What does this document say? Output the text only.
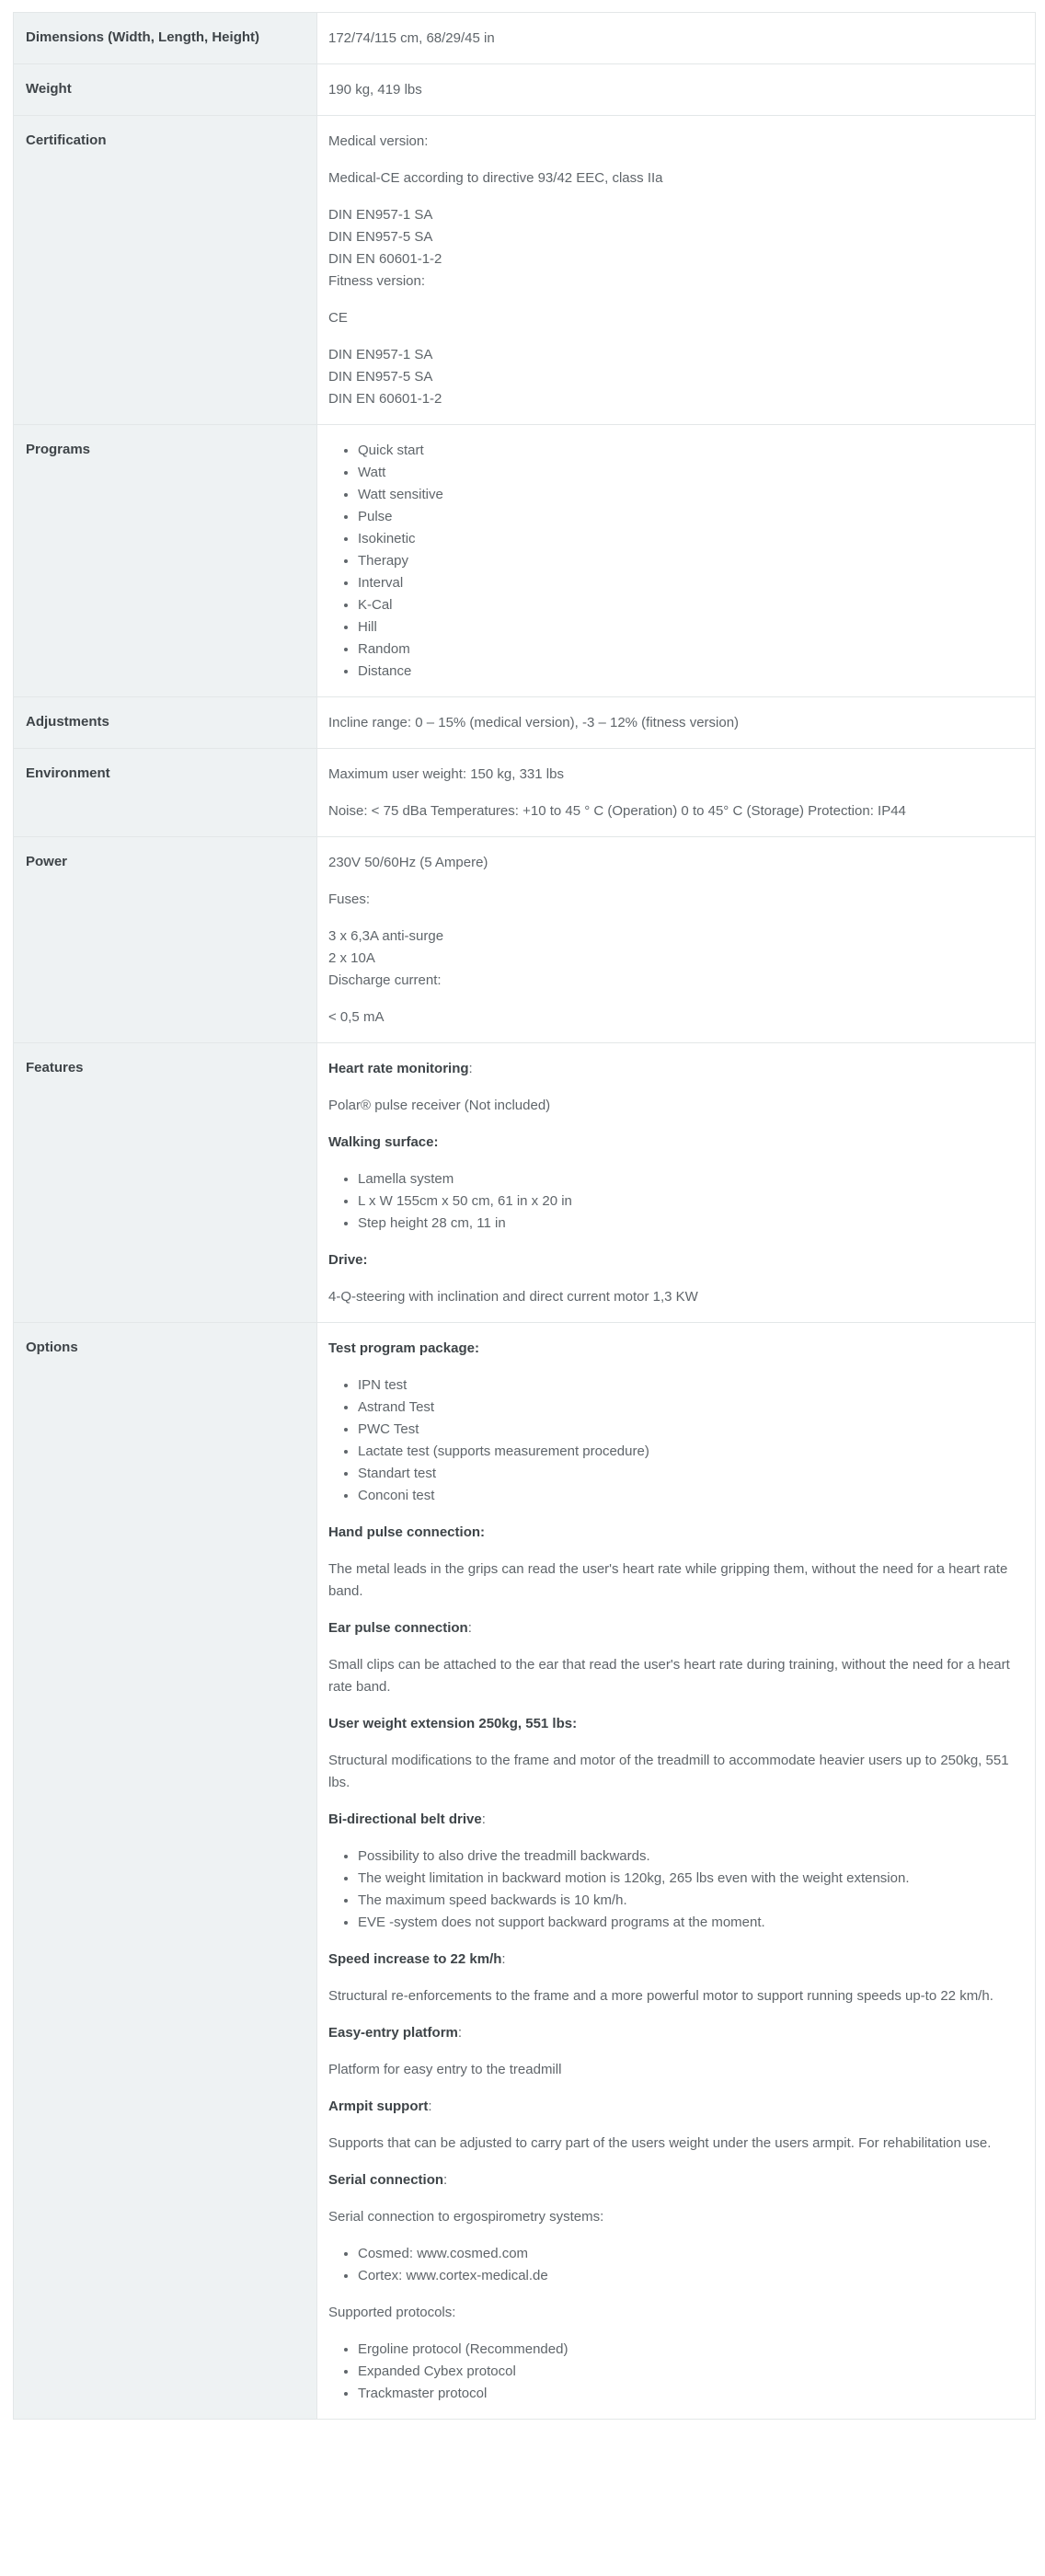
Dimensions (Width, Length, Height)	172/74/115 cm, 68/29/45 in
Weight	190 kg, 419 lbs
Certification	Medical version:

Medical-CE according to directive 93/42 EEC, class IIa

DIN EN957-1 SA
DIN EN957-5 SA
DIN EN 60601-1-2

Fitness version:

CE

DIN EN957-1 SA
DIN EN957-5 SA
DIN EN 60601-1-2
Programs
•	Quick start
• Watt
• Watt sensitive
• Pulse
• Isokinetic
• Therapy
• Interval
• K-Cal
• Hill
• Random
• Distance
Adjustments	Incline range: 0 – 15% (medical version), -3 – 12% (fitness version)
Environment	Maximum user weight: 150 kg, 331 lbs

Noise: < 75 dBa Temperatures: +10 to 45 ° C (Operation) 0 to 45° C (Storage) Protection: IP44

Power	230V 50/60Hz (5 Ampere)

Fuses:

3 x 6,3A anti-surge
2 x 10A

Discharge current:

< 0,5 mA

Features	Heart rate monitoring:

Polar® pulse receiver (Not included)

Walking surface:

• Lamella system
• L x W 155cm x 50 cm, 61 in x 20 in
• Step height 28 cm, 11 in

Drive:

4-Q-steering with inclination and direct current motor 1,3 KW

Options	Test program package:

• IPN test
• Astrand Test
• PWC Test
• Lactate test (supports measurement procedure)
• Standart test
• Conconi test

Hand pulse connection:

The metal leads in the grips can read the user's heart rate while gripping them, without the need for a heart rate band.

Ear pulse connection:

Small clips can be attached to the ear that read the user's heart rate during training, without the need for a heart rate band.

User weight extension 250kg, 551 lbs:

Structural modifications to the frame and motor of the treadmill to accommodate heavier users up to 250kg, 551 lbs.

Bi-directional belt drive:

• Possibility to also drive the treadmill backwards.
• The weight limitation in backward motion is 120kg, 265 lbs even with the weight extension.
• The maximum speed backwards is 10 km/h.
• EVE -system does not support backward programs at the moment.

Speed increase to 22 km/h:

Structural re-enforcements to the frame and a more powerful motor to support running speeds up-to 22 km/h.

Easy-entry platform:

Platform for easy entry to the treadmill

Armpit support:

Supports that can be adjusted to carry part of the users weight under the users armpit. For rehabilitation use.

Serial connection:

Serial connection to ergospirometry systems:

• Cosmed: www.cosmed.com
• Cortex: www.cortex-medical.de

Supported protocols:

• Ergoline protocol (Recommended)
• Expanded Cybex protocol
• Trackmaster protocol
